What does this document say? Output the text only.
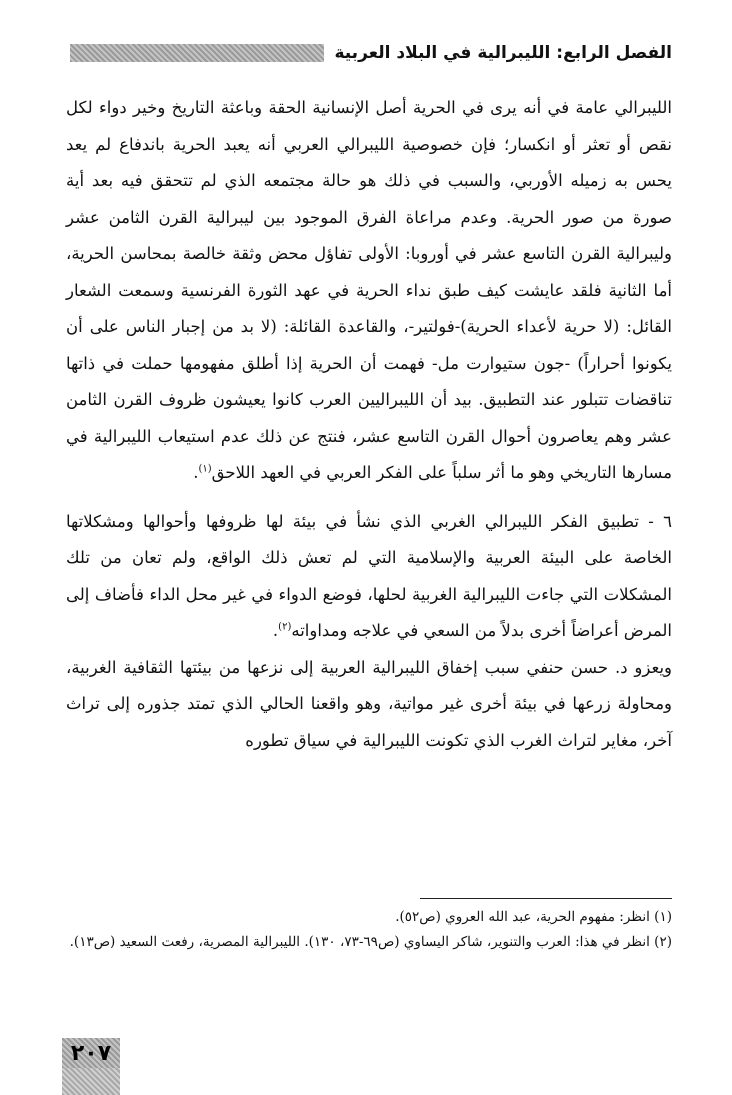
الفصل الرابع: الليبرالية في البلاد العربية

الليبرالي عامة في أنه يرى في الحرية أصل الإنسانية الحقة وباعثة التاريخ وخير دواء لكل نقص أو تعثر أو انكسار؛ فإن خصوصية الليبرالي العربي أنه يعبد الحرية باندفاع لم يعد يحس به زميله الأوربي، والسبب في ذلك هو حالة مجتمعه الذي لم تتحقق فيه بعد أية صورة من صور الحرية. وعدم مراعاة الفرق الموجود بين ليبرالية القرن الثامن عشر وليبرالية القرن التاسع عشر في أوروبا: الأولى تفاؤل محض وثقة خالصة بمحاسن الحرية، أما الثانية فلقد عايشت كيف طبق نداء الحرية في عهد الثورة الفرنسية وسمعت الشعار القائل: (لا حرية لأعداء الحرية)-فولتير-، والقاعدة القائلة: (لا بد من إجبار الناس على أن يكونوا أحراراً) -جون ستيوارت مل- فهمت أن الحرية إذا أطلق مفهومها حملت في ذاتها تناقضات تتبلور عند التطبيق. بيد أن الليبراليين العرب كانوا يعيشون ظروف القرن الثامن عشر وهم يعاصرون أحوال القرن التاسع عشر، فنتج عن ذلك عدم استيعاب الليبرالية في مسارها التاريخي وهو ما أثر سلباً على الفكر العربي في العهد اللاحق$^{(١)}$.

٦ - تطبيق الفكر الليبرالي الغربي الذي نشأ في بيئة لها ظروفها وأحوالها ومشكلاتها الخاصة على البيئة العربية والإسلامية التي لم تعش ذلك الواقع، ولم تعان من تلك المشكلات التي جاءت الليبرالية الغربية لحلها، فوضع الدواء في غير محل الداء فأضاف إلى المرض أعراضاً أخرى بدلاً من السعي في علاجه ومداواته$^{(٢)}$.

ويعزو د. حسن حنفي سبب إخفاق الليبرالية العربية إلى نزعها من بيئتها الثقافية الغربية، ومحاولة زرعها في بيئة أخرى غير مواتية، وهو واقعنا الحالي الذي تمتد جذوره إلى تراث آخر، مغاير لتراث الغرب الذي تكونت الليبرالية في سياق تطوره

(١) انظر: مفهوم الحرية، عبد الله العروي (ص٥٢).

(٢) انظر في هذا: العرب والتنوير، شاكر اليساوي (ص٦٩-٧٣، ١٣٠). الليبرالية المصرية، رفعت السعيد (ص١٣).

٢٠٧
